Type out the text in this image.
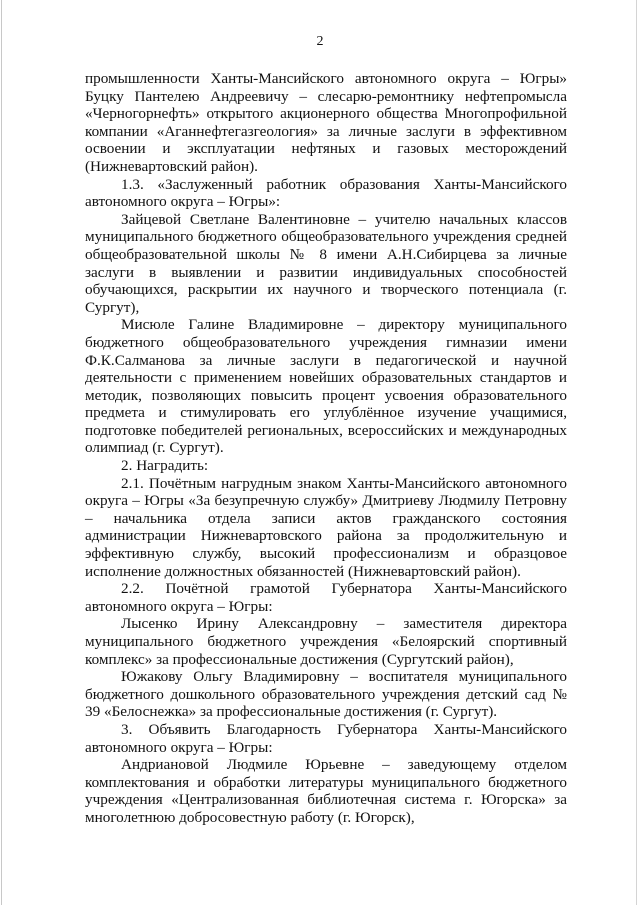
2

промышленности Ханты-Мансийского автономного округа – Югры» Буцку Пантелею Андреевичу – слесарю-ремонтнику нефтепромысла «Черногорнефть» открытого акционерного общества Многопрофильной компании «Аганнефтегазгеология» за личные заслуги в эффективном освоении и эксплуатации нефтяных и газовых месторождений (Нижневартовский район).

1.3. «Заслуженный работник образования Ханты-Мансийского автономного округа – Югры»:

Зайцевой Светлане Валентиновне – учителю начальных классов муниципального бюджетного общеобразовательного учреждения средней общеобразовательной школы № 8 имени А.Н.Сибирцева за личные заслуги в выявлении и развитии индивидуальных способностей обучающихся, раскрытии их научного и творческого потенциала (г. Сургут),

Мисюле Галине Владимировне – директору муниципального бюджетного общеобразовательного учреждения гимназии имени Ф.К.Салманова за личные заслуги в педагогической и научной деятельности с применением новейших образовательных стандартов и методик, позволяющих повысить процент усвоения образовательного предмета и стимулировать его углублённое изучение учащимися, подготовке победителей региональных, всероссийских и международных олимпиад (г. Сургут).

2. Наградить:

2.1. Почётным нагрудным знаком Ханты-Мансийского автономного округа – Югры «За безупречную службу» Дмитриеву Людмилу Петровну – начальника отдела записи актов гражданского состояния администрации Нижневартовского района за продолжительную и эффективную службу, высокий профессионализм и образцовое исполнение должностных обязанностей (Нижневартовский район).

2.2. Почётной грамотой Губернатора Ханты-Мансийского автономного округа – Югры:

Лысенко Ирину Александровну – заместителя директора муниципального бюджетного учреждения «Белоярский спортивный комплекс» за профессиональные достижения (Сургутский район),

Южакову Ольгу Владимировну – воспитателя муниципального бюджетного дошкольного образовательного учреждения детский сад № 39 «Белоснежка» за профессиональные достижения (г. Сургут).

3. Объявить Благодарность Губернатора Ханты-Мансийского автономного округа – Югры:

Андриановой Людмиле Юрьевне – заведующему отделом комплектования и обработки литературы муниципального бюджетного учреждения «Централизованная библиотечная система г. Югорска» за многолетнюю добросовестную работу (г. Югорск),
